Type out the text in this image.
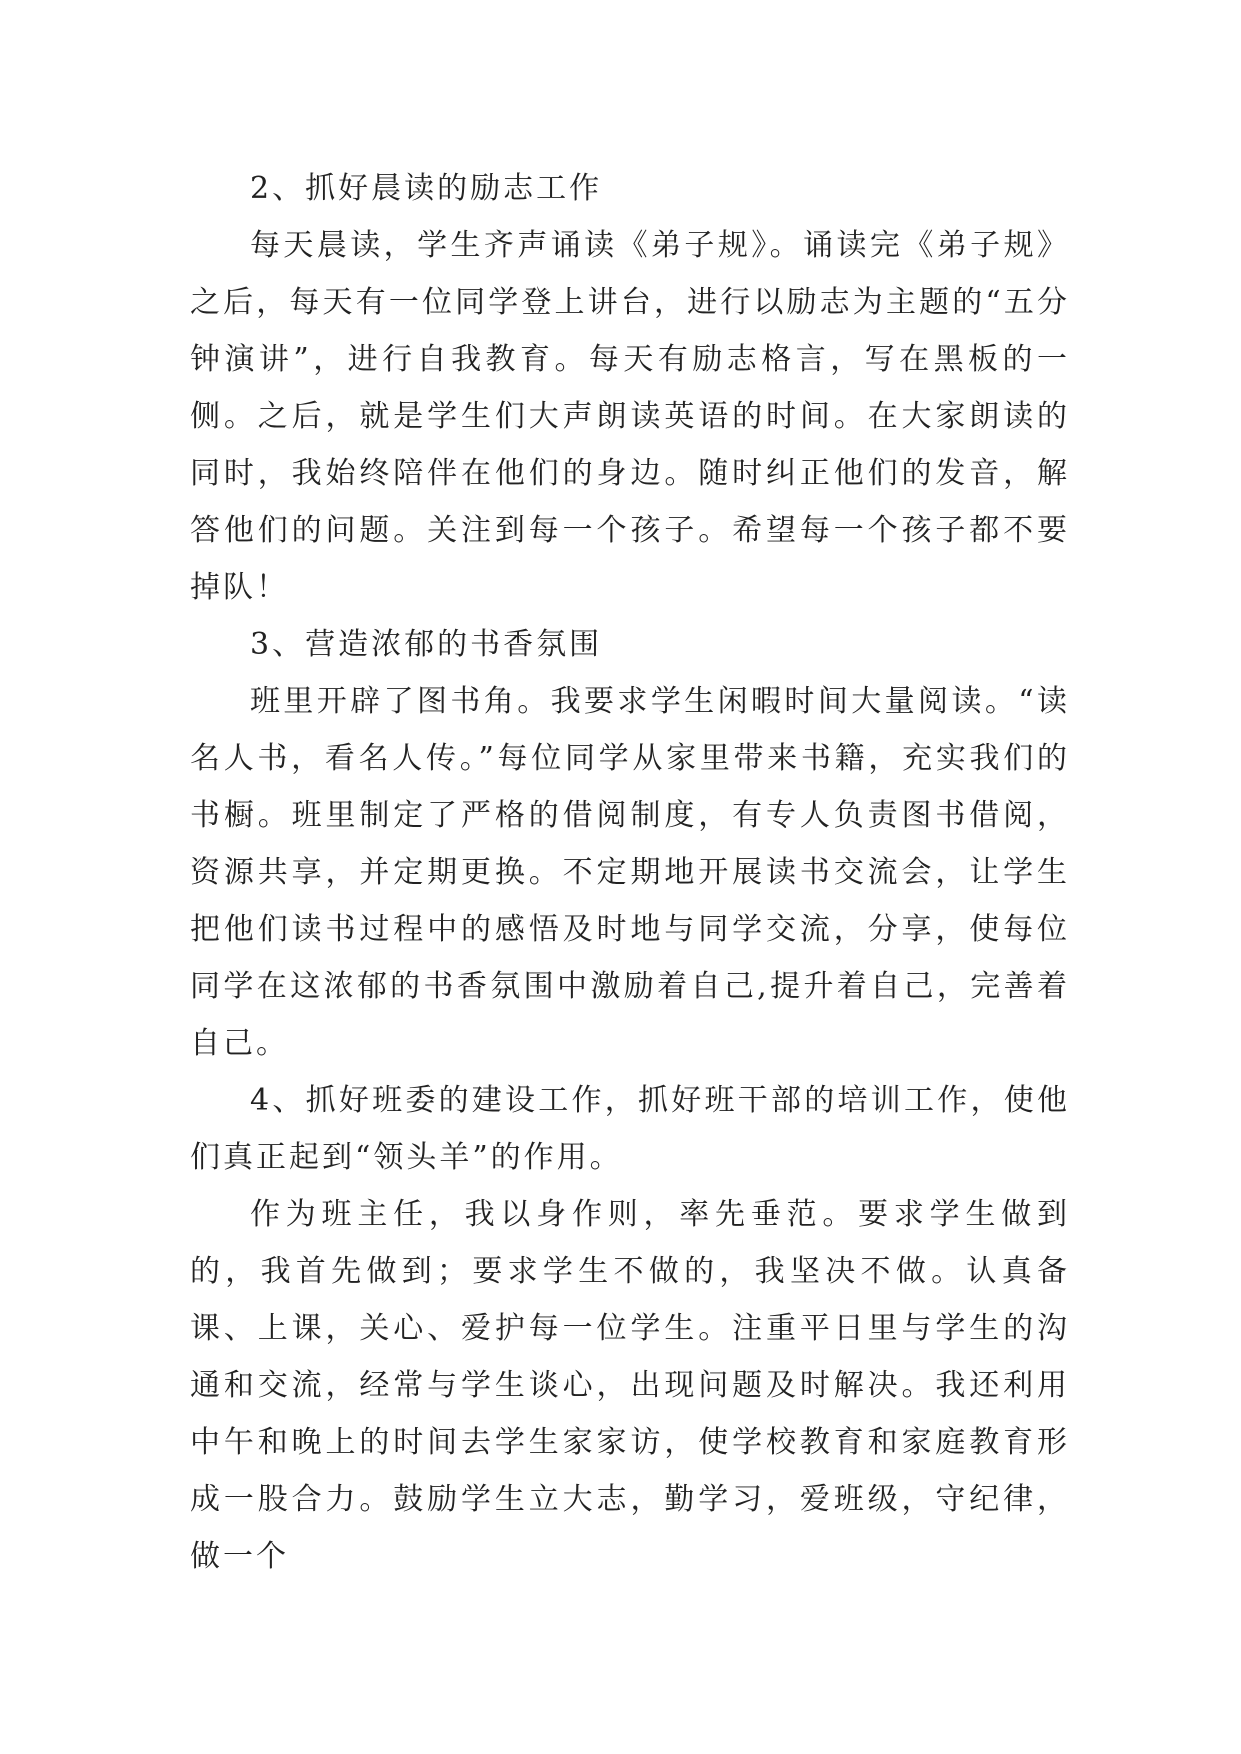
2、抓好晨读的励志工作

每天晨读，学生齐声诵读《弟子规》。诵读完《弟子规》之后，每天有一位同学登上讲台，进行以励志为主题的“五分钟演讲”，进行自我教育。每天有励志格言，写在黑板的一侧。之后，就是学生们大声朗读英语的时间。在大家朗读的同时，我始终陪伴在他们的身边。随时纠正他们的发音，解答他们的问题。关注到每一个孩子。希望每一个孩子都不要掉队！

3、营造浓郁的书香氛围

班里开辟了图书角。我要求学生闲暇时间大量阅读。“读名人书，看名人传。”每位同学从家里带来书籍，充实我们的书橱。班里制定了严格的借阅制度，有专人负责图书借阅，资源共享，并定期更换。不定期地开展读书交流会，让学生把他们读书过程中的感悟及时地与同学交流，分享，使每位同学在这浓郁的书香氛围中激励着自己,提升着自己，完善着自己。

4、抓好班委的建设工作，抓好班干部的培训工作，使他们真正起到“领头羊”的作用。

作为班主任，我以身作则，率先垂范。要求学生做到的，我首先做到；要求学生不做的，我坚决不做。认真备课、上课，关心、爱护每一位学生。注重平日里与学生的沟通和交流，经常与学生谈心，出现问题及时解决。我还利用中午和晚上的时间去学生家家访，使学校教育和家庭教育形成一股合力。鼓励学生立大志，勤学习，爱班级，守纪律，做一个
